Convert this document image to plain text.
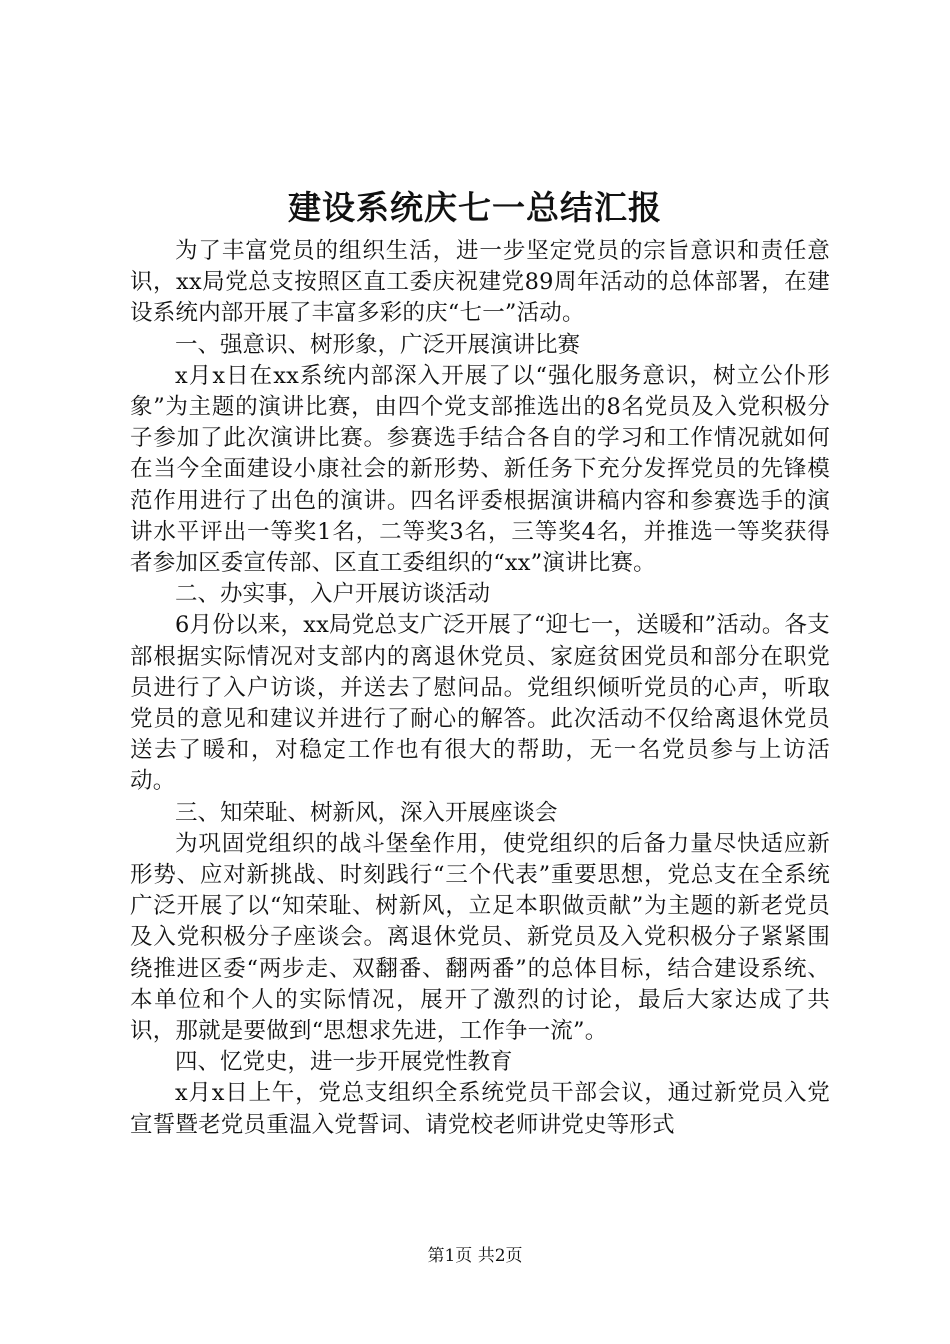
建设系统庆七一总结汇报

为了丰富党员的组织生活，进一步坚定党员的宗旨意识和责任意识，xx局党总支按照区直工委庆祝建党89周年活动的总体部署，在建设系统内部开展了丰富多彩的庆“七一”活动。

一、强意识、树形象，广泛开展演讲比赛

x月x日在xx系统内部深入开展了以“强化服务意识，树立公仆形象”为主题的演讲比赛，由四个党支部推选出的8名党员及入党积极分子参加了此次演讲比赛。参赛选手结合各自的学习和工作情况就如何在当今全面建设小康社会的新形势、新任务下充分发挥党员的先锋模范作用进行了出色的演讲。四名评委根据演讲稿内容和参赛选手的演讲水平评出一等奖1名，二等奖3名，三等奖4名，并推选一等奖获得者参加区委宣传部、区直工委组织的“xx”演讲比赛。

二、办实事，入户开展访谈活动

6月份以来，xx局党总支广泛开展了“迎七一，送暖和”活动。各支部根据实际情况对支部内的离退休党员、家庭贫困党员和部分在职党员进行了入户访谈，并送去了慰问品。党组织倾听党员的心声，听取党员的意见和建议并进行了耐心的解答。此次活动不仅给离退休党员送去了暖和，对稳定工作也有很大的帮助，无一名党员参与上访活动。

三、知荣耻、树新风，深入开展座谈会

为巩固党组织的战斗堡垒作用，使党组织的后备力量尽快适应新形势、应对新挑战、时刻践行“三个代表”重要思想，党总支在全系统广泛开展了以“知荣耻、树新风，立足本职做贡献”为主题的新老党员及入党积极分子座谈会。离退休党员、新党员及入党积极分子紧紧围绕推进区委“两步走、双翻番、翻两番”的总体目标，结合建设系统、本单位和个人的实际情况，展开了激烈的讨论，最后大家达成了共识，那就是要做到“思想求先进，工作争一流”。

四、忆党史，进一步开展党性教育

x月x日上午，党总支组织全系统党员干部会议，通过新党员入党宣誓暨老党员重温入党誓词、请党校老师讲党史等形式

第1页 共2页
